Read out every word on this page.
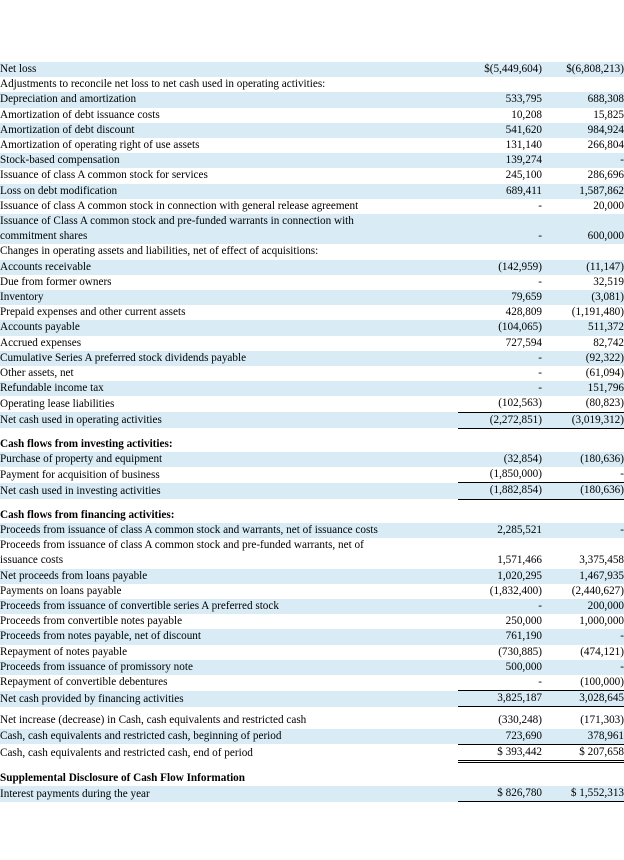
Net loss	$(5,449,604)	$(6,808,213)
Adjustments to reconcile net loss to net cash used in operating activities:		
Depreciation and amortization	533,795	688,308
Amortization of debt issuance costs	10,208	15,825
Amortization of debt discount	541,620	984,924
Amortization of operating right of use assets	131,140	266,804
Stock-based compensation	139,274	-
Issuance of class A common stock for services	245,100	286,696
Loss on debt modification	689,411	1,587,862
Issuance of class A common stock in connection with general release agreement	-	20,000
Issuance of Class A common stock and pre-funded warrants in connection with		
commitment shares	-	600,000
Changes in operating assets and liabilities, net of effect of acquisitions:		
Accounts receivable	(142,959)	(11,147)
Due from former owners	-	32,519
Inventory	79,659	(3,081)
Prepaid expenses and other current assets	428,809	(1,191,480)
Accounts payable	(104,065)	511,372
Accrued expenses	727,594	82,742
Cumulative Series A preferred stock dividends payable	-	(92,322)
Other assets, net	-	(61,094)
Refundable income tax	-	151,796
Operating lease liabilities	(102,563)	(80,823)
Net cash used in operating activities	(2,272,851)	(3,019,312)

Cash flows from investing activities:		
Purchase of property and equipment	(32,854)	(180,636)
Payment for acquisition of business	(1,850,000)	-
Net cash used in investing activities	(1,882,854)	(180,636)

Cash flows from financing activities:		
Proceeds from issuance of class A common stock and warrants, net of issuance costs	2,285,521	-
Proceeds from issuance of class A common stock and pre-funded warrants, net of		
issuance costs	1,571,466	3,375,458
Net proceeds from loans payable	1,020,295	1,467,935
Payments on loans payable	(1,832,400)	(2,440,627)
Proceeds from issuance of convertible series A preferred stock	-	200,000
Proceeds from convertible notes payable	250,000	1,000,000
Proceeds from notes payable, net of discount	761,190	-
Repayment of notes payable	(730,885)	(474,121)
Proceeds from issuance of promissory note	500,000	-
Repayment of convertible debentures	-	(100,000)
Net cash provided by financing activities	3,825,187	3,028,645

Net increase (decrease) in Cash, cash equivalents and restricted cash	(330,248)	(171,303)
Cash, cash equivalents and restricted cash, beginning of period	723,690	378,961
Cash, cash equivalents and restricted cash, end of period	$ 393,442	$ 207,658

Supplemental Disclosure of Cash Flow Information		
Interest payments during the year	$ 826,780	$ 1,552,313
